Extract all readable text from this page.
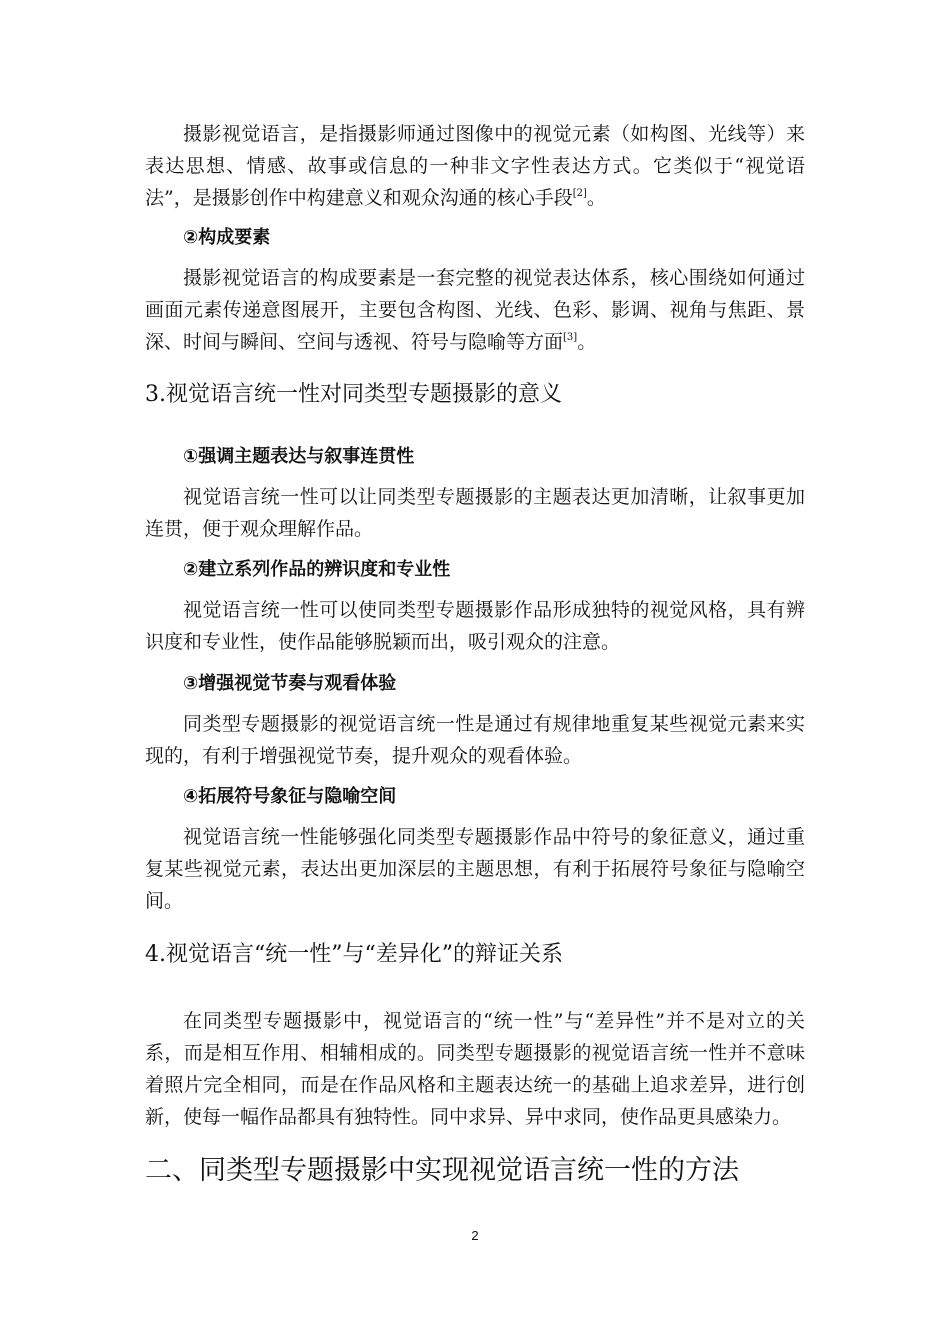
摄影视觉语言，是指摄影师通过图像中的视觉元素（如构图、光线等）来表达思想、情感、故事或信息的一种非文字性表达方式。它类似于“视觉语法”，是摄影创作中构建意义和观众沟通的核心手段[2]。

②构成要素

摄影视觉语言的构成要素是一套完整的视觉表达体系，核心围绕如何通过画面元素传递意图展开，主要包含构图、光线、色彩、影调、视角与焦距、景深、时间与瞬间、空间与透视、符号与隐喻等方面[3]。

3.视觉语言统一性对同类型专题摄影的意义

①强调主题表达与叙事连贯性

视觉语言统一性可以让同类型专题摄影的主题表达更加清晰，让叙事更加连贯，便于观众理解作品。

②建立系列作品的辨识度和专业性

视觉语言统一性可以使同类型专题摄影作品形成独特的视觉风格，具有辨识度和专业性，使作品能够脱颖而出，吸引观众的注意。

③增强视觉节奏与观看体验

同类型专题摄影的视觉语言统一性是通过有规律地重复某些视觉元素来实现的，有利于增强视觉节奏，提升观众的观看体验。

④拓展符号象征与隐喻空间

视觉语言统一性能够强化同类型专题摄影作品中符号的象征意义，通过重复某些视觉元素，表达出更加深层的主题思想，有利于拓展符号象征与隐喻空间。

4.视觉语言“统一性”与“差异化”的辩证关系

在同类型专题摄影中，视觉语言的“统一性”与“差异性”并不是对立的关系，而是相互作用、相辅相成的。同类型专题摄影的视觉语言统一性并不意味着照片完全相同，而是在作品风格和主题表达统一的基础上追求差异，进行创新，使每一幅作品都具有独特性。同中求异、异中求同，使作品更具感染力。

二、同类型专题摄影中实现视觉语言统一性的方法
2
